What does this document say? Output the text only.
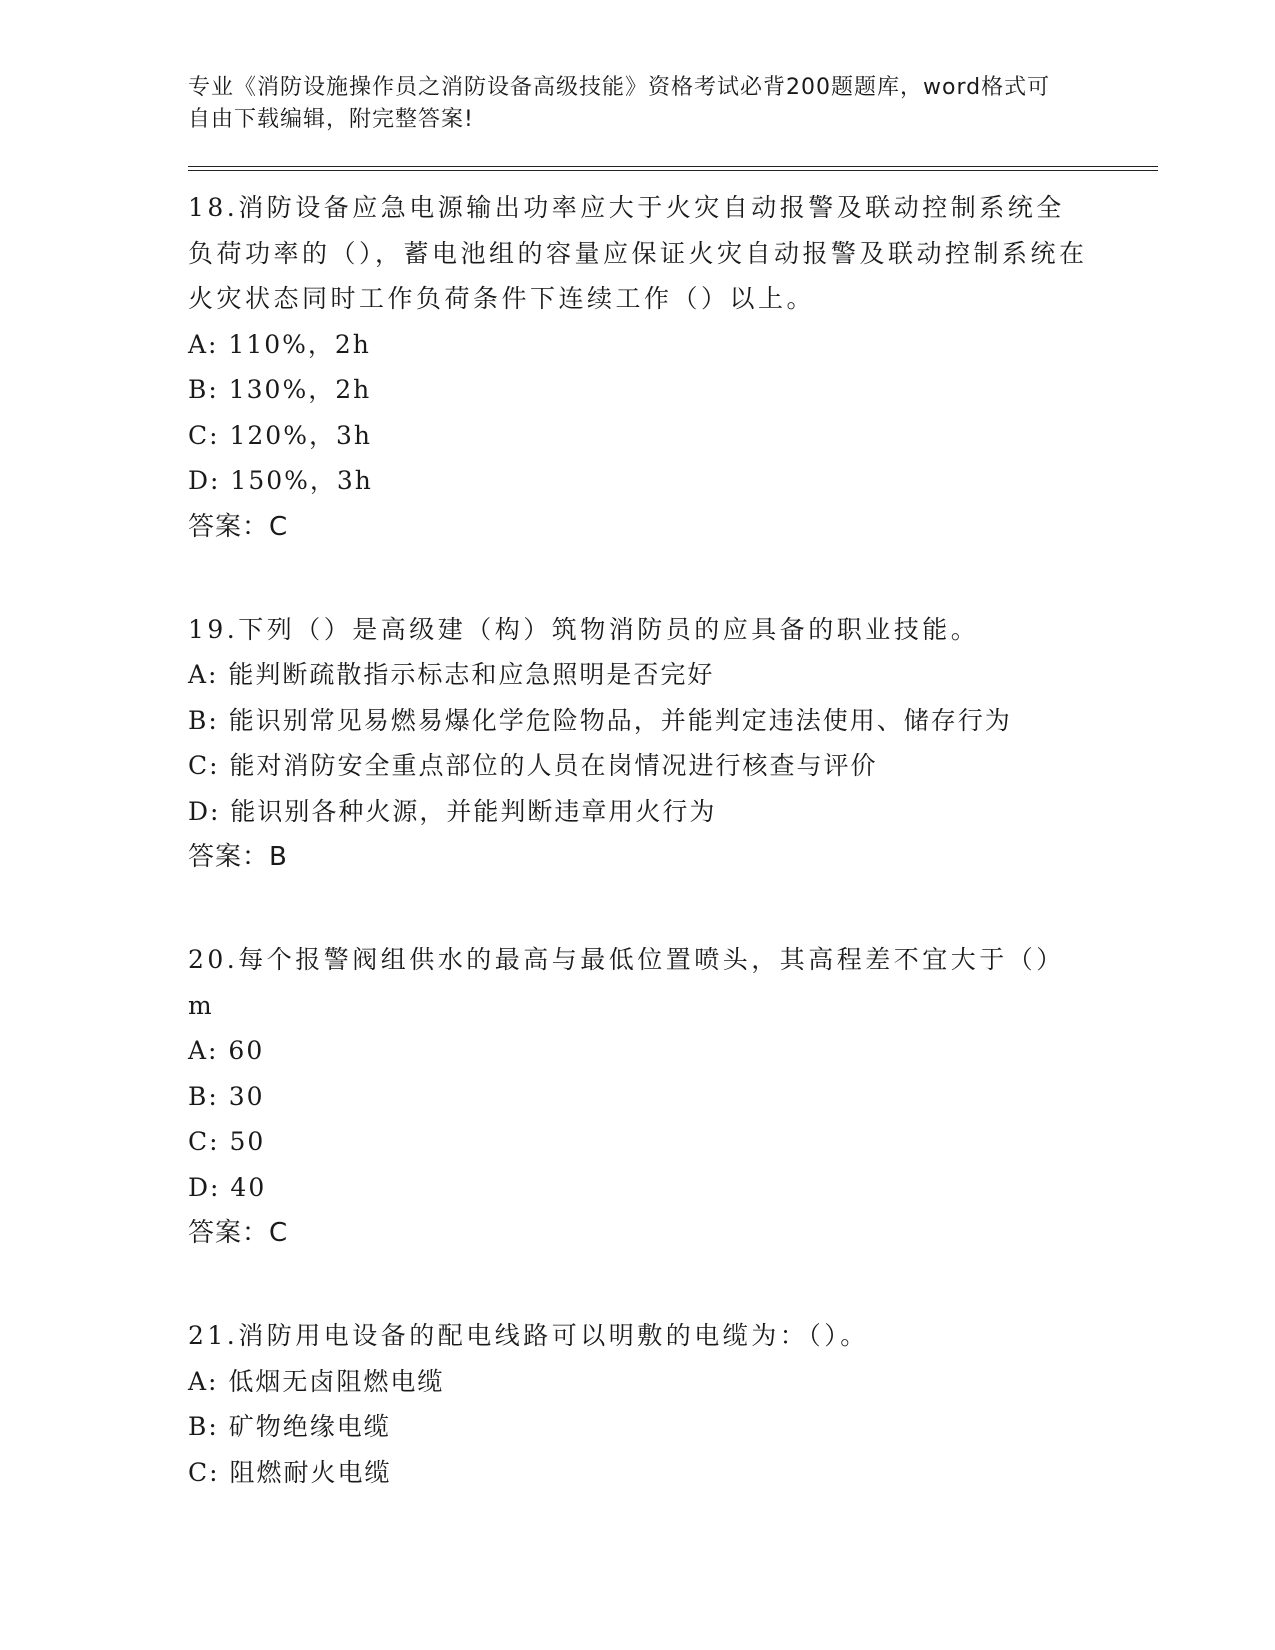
专业《消防设施操作员之消防设备高级技能》资格考试必背200题题库，word格式可自由下载编辑，附完整答案!
18.消防设备应急电源输出功率应大于火灾自动报警及联动控制系统全负荷功率的（），蓄电池组的容量应保证火灾自动报警及联动控制系统在火灾状态同时工作负荷条件下连续工作（）以上。
A: 110%，2h
B: 130%，2h
C: 120%，3h
D: 150%，3h
答案：C
19.下列（）是高级建（构）筑物消防员的应具备的职业技能。
A: 能判断疏散指示标志和应急照明是否完好
B: 能识别常见易燃易爆化学危险物品，并能判定违法使用、储存行为
C: 能对消防安全重点部位的人员在岗情况进行核查与评价
D: 能识别各种火源，并能判断违章用火行为
答案：B
20.每个报警阀组供水的最高与最低位置喷头，其高程差不宜大于（）m
A: 60
B: 30
C: 50
D: 40
答案：C
21.消防用电设备的配电线路可以明敷的电缆为：（）。
A: 低烟无卤阻燃电缆
B: 矿物绝缘电缆
C: 阻燃耐火电缆
